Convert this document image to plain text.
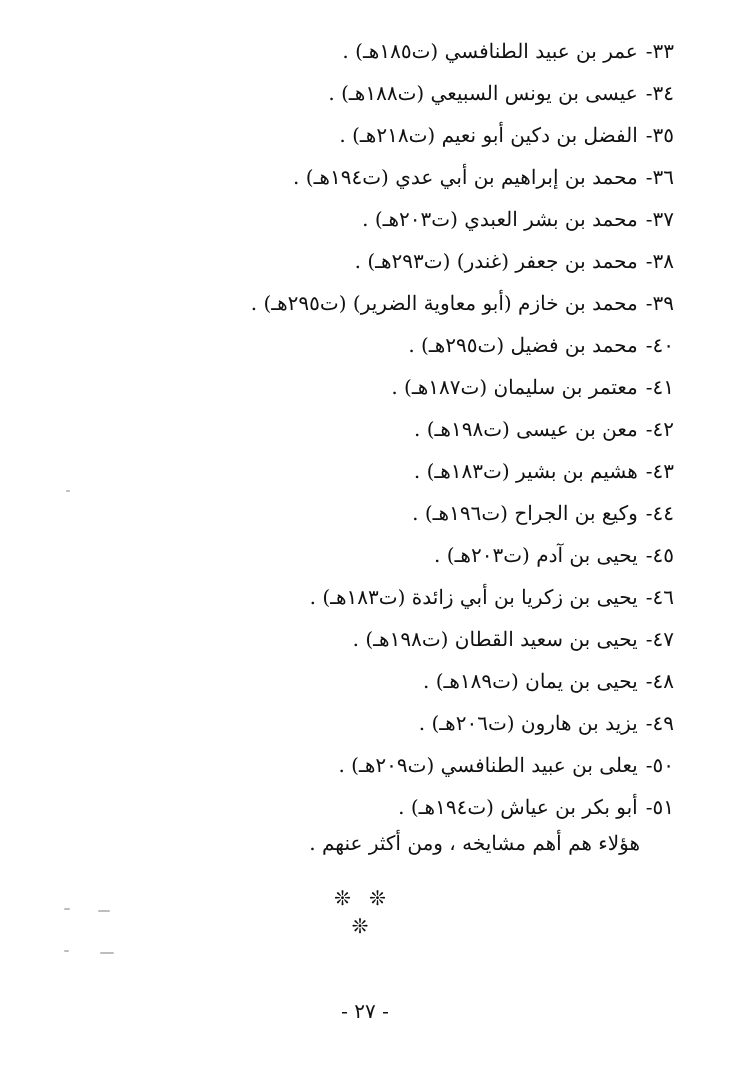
٣٣-عمر بن عبيد الطنافسي (ت١٨٥هـ) .
٣٤-عيسى بن يونس السبيعي (ت١٨٨هـ) .
٣٥-الفضل بن دكين أبو نعيم (ت٢١٨هـ) .
٣٦-محمد بن إبراهيم بن أبي عدي (ت١٩٤هـ) .
٣٧-محمد بن بشر العبدي (ت٢٠٣هـ) .
٣٨-محمد بن جعفر (غندر) (ت٢٩٣هـ) .
٣٩-محمد بن خازم (أبو معاوية الضرير) (ت٢٩٥هـ) .
٤٠-محمد بن فضيل (ت٢٩٥هـ) .
٤١-معتمر بن سليمان (ت١٨٧هـ) .
٤٢-معن بن عيسى (ت١٩٨هـ) .
٤٣-هشيم بن بشير (ت١٨٣هـ) .
٤٤-وكيع بن الجراح (ت١٩٦هـ) .
٤٥-يحيى بن آدم (ت٢٠٣هـ) .
٤٦-يحيى بن زكريا بن أبي زائدة (ت١٨٣هـ) .
٤٧-يحيى بن سعيد القطان (ت١٩٨هـ) .
٤٨-يحيى بن يمان (ت١٨٩هـ) .
٤٩-يزيد بن هارون (ت٢٠٦هـ) .
٥٠-يعلى بن عبيد الطنافسي (ت٢٠٩هـ) .
٥١-أبو بكر بن عياش (ت١٩٤هـ) .
هؤلاء هم أهم مشايخه ، ومن أكثر عنهم .
❊ ❊ ❊
- ٢٧ -
